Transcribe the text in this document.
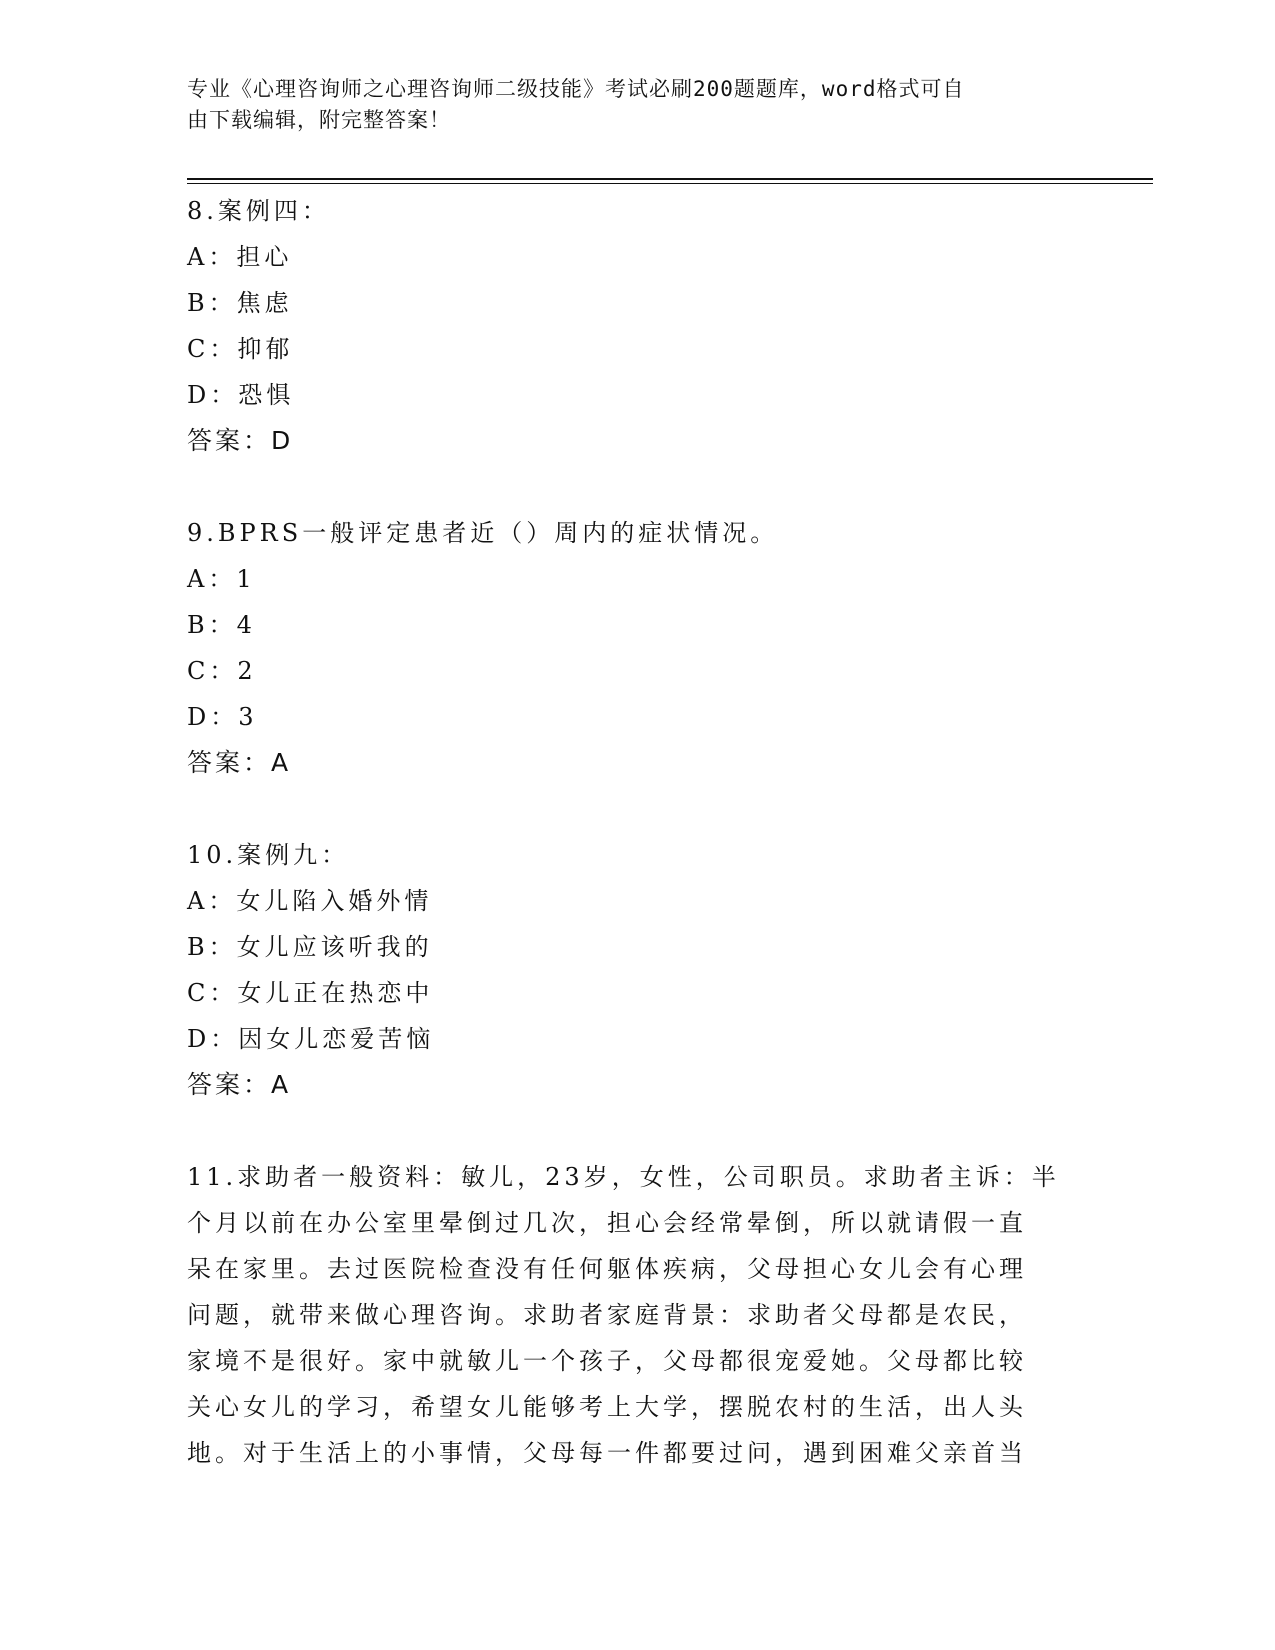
专业《心理咨询师之心理咨询师二级技能》考试必刷200题题库，word格式可自
由下载编辑，附完整答案！
8.案例四：
A：担心
B：焦虑
C：抑郁
D：恐惧
答案：D
9.BPRS一般评定患者近（）周内的症状情况。
A：1
B：4
C：2
D：3
答案：A
10.案例九：
A：女儿陷入婚外情
B：女儿应该听我的
C：女儿正在热恋中
D：因女儿恋爱苦恼
答案：A
11.求助者一般资料：敏儿，23岁，女性，公司职员。求助者主诉：半
个月以前在办公室里晕倒过几次，担心会经常晕倒，所以就请假一直
呆在家里。去过医院检查没有任何躯体疾病，父母担心女儿会有心理
问题，就带来做心理咨询。求助者家庭背景：求助者父母都是农民，
家境不是很好。家中就敏儿一个孩子，父母都很宠爱她。父母都比较
关心女儿的学习，希望女儿能够考上大学，摆脱农村的生活，出人头
地。对于生活上的小事情，父母每一件都要过问，遇到困难父亲首当
